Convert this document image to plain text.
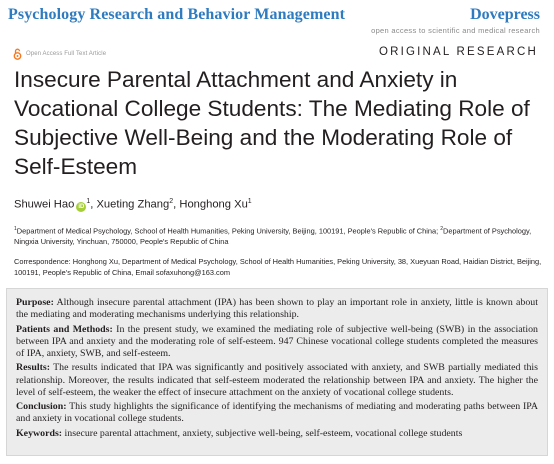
Psychology Research and Behavior Management	Dovepress
open access to scientific and medical research
Open Access Full Text Article	ORIGINAL RESEARCH
Insecure Parental Attachment and Anxiety in Vocational College Students: The Mediating Role of Subjective Well-Being and the Moderating Role of Self-Esteem
Shuwei Hao $iD^1$, Xueting Zhang$^2$, Honghong Xu$^1$
$^1$Department of Medical Psychology, School of Health Humanities, Peking University, Beijing, 100191, People's Republic of China; $^2$Department of Psychology, Ningxia University, Yinchuan, 750000, People's Republic of China
Correspondence: Honghong Xu, Department of Medical Psychology, School of Health Humanities, Peking University, 38, Xueyuan Road, Haidian District, Beijing, 100191, People's Republic of China, Email sofaxuhong@163.com

Purpose: Although insecure parental attachment (IPA) has been shown to play an important role in anxiety, little is known about the mediating and moderating mechanisms underlying this relationship.

Patients and Methods: In the present study, we examined the mediating role of subjective well-being (SWB) in the association between IPA and anxiety and the moderating role of self-esteem. 947 Chinese vocational college students completed the measures of IPA, anxiety, SWB, and self-esteem.

Results: The results indicated that IPA was significantly and positively associated with anxiety, and SWB partially mediated this relationship. Moreover, the results indicated that self-esteem moderated the relationship between IPA and anxiety. The higher the level of self-esteem, the weaker the effect of insecure attachment on the anxiety of vocational college students.

Conclusion: This study highlights the significance of identifying the mechanisms of mediating and moderating paths between IPA and anxiety in vocational college students.

Keywords: insecure parental attachment, anxiety, subjective well-being, self-esteem, vocational college students
